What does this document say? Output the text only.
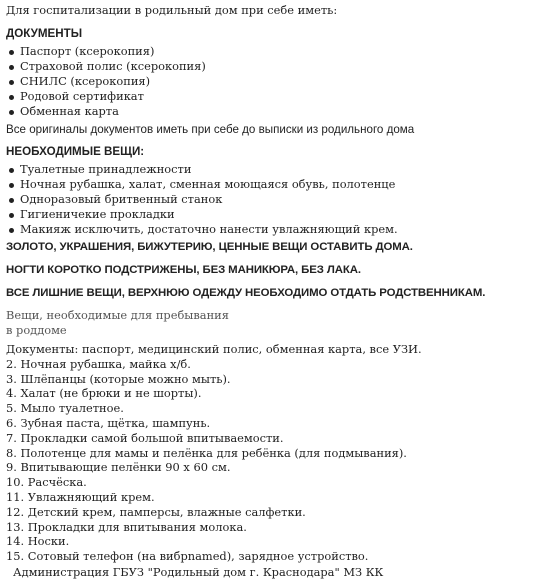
Для госпитализации в родильный дом при себе иметь:
ДОКУМЕНТЫ
Паспорт (ксерокопия)
Страховой полис (ксерокопия)
СНИЛС (ксерокопия)
Родовой сертификат
Обменная карта
Все оригиналы документов иметь при себе до выписки из родильного дома
НЕОБХОДИМЫЕ ВЕЩИ:
Туалетные принадлежности
Ночная рубашка, халат, сменная моющаяся обувь, полотенце
Одноразовый бритвенный станок
Гигиеничекие прокладки
Макияж исключить, достаточно нанести увлажняющий крем.
ЗОЛОТО, УКРАШЕНИЯ, БИЖУТЕРИЮ, ЦЕННЫЕ ВЕЩИ ОСТАВИТЬ ДОМА.
НОГТИ КОРОТКО ПОДСТРИЖЕНЫ, БЕЗ МАНИКЮРА, БЕЗ ЛАКА.
ВСЕ ЛИШНИЕ ВЕЩИ, ВЕРХНЮЮ ОДЕЖДУ НЕОБХОДИМО ОТДАТЬ РОДСТВЕННИКАМ.
Вещи, необходимые для пребывания
в роддоме
Документы: паспорт, медицинский полис, обменная карта, все УЗИ.
2. Ночная рубашка, майка х/б.
3. Шлёпанцы (которые можно мыть).
4. Халат (не брюки и не шорты).
5. Мыло туалетное.
6. Зубная паста, щётка, шампунь.
7. Прокладки самой большой впитываемости.
8. Полотенце для мамы и пелёнка для ребёнка (для подмывания).
9. Впитывающие пелёнки 90 х 60 см.
10. Расчёска.
11. Увлажняющий крем.
12. Детский крем, памперсы, влажные салфетки.
13. Прокладки для впитывания молока.
14. Носки.
15. Сотовый телефон (на вибрnamed), зарядное устройство.
Администрация ГБУЗ "Родильный дом г. Краснодара" МЗ КК
